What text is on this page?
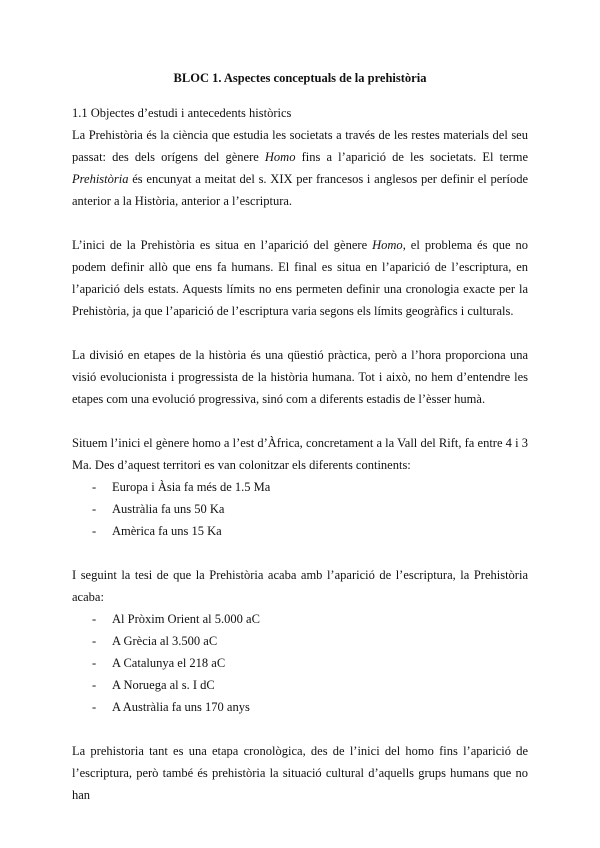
BLOC 1. Aspectes conceptuals de la prehistòria

1.1 Objectes d’estudi i antecedents històrics

La Prehistòria és la ciència que estudia les societats a través de les restes materials del seu passat: des dels orígens del gènere Homo fins a l’aparició de les societats. El terme Prehistòria és encunyat a meitat del s. XIX per francesos i anglesos per definir el període anterior a la Història, anterior a l’escriptura.

L’inici de la Prehistòria es situa en l’aparició del gènere Homo, el problema és que no podem definir allò que ens fa humans. El final es situa en l’aparició de l’escriptura, en l’aparició dels estats. Aquests límits no ens permeten definir una cronologia exacte per la Prehistòria, ja que l’aparició de l’escriptura varia segons els límits geogràfics i culturals.

La divisió en etapes de la història és una qüestió pràctica, però a l’hora proporciona una visió evolucionista i progressista de la història humana. Tot i això, no hem d’entendre les etapes com una evolució progressiva, sinó com a diferents estadis de l’èsser humà.

Situem l’inici el gènere homo a l’est d’Àfrica, concretament a la Vall del Rift, fa entre 4 i 3 Ma. Des d’aquest territori es van colonitzar els diferents continents:

- Europa i Àsia fa més de 1.5 Ma
- Austràlia fa uns 50 Ka
- Amèrica fa uns 15 Ka

I seguint la tesi de que la Prehistòria acaba amb l’aparició de l’escriptura, la Prehistòria acaba:

- Al Pròxim Orient al 5.000 aC
- A Grècia al 3.500 aC
- A Catalunya el 218 aC
- A Noruega al s. I dC
- A Austràlia fa uns 170 anys

La prehistoria tant es una etapa cronològica, des de l’inici del homo fins l’aparició de l’escriptura, però també és prehistòria la situació cultural d’aquells grups humans que no han
